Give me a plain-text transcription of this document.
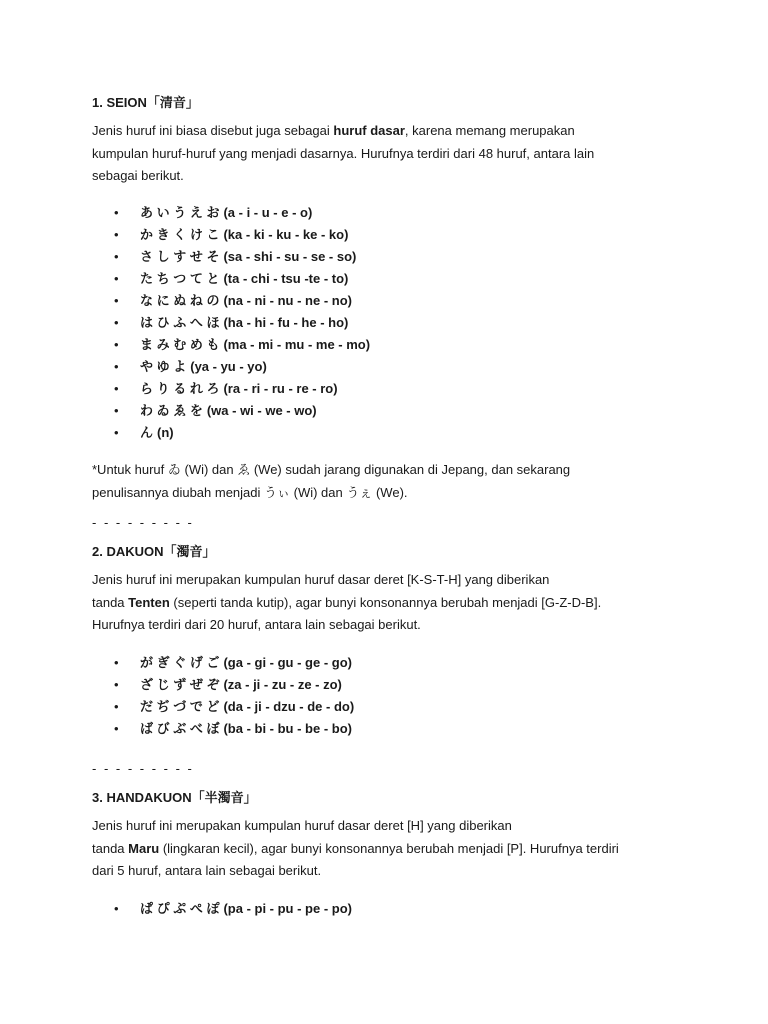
1. SEION「清音」
Jenis huruf ini biasa disebut juga sebagai huruf dasar, karena memang merupakan
kumpulan huruf-huruf yang menjadi dasarnya. Hurufnya terdiri dari 48 huruf, antara lain
sebagai berikut.
• あ い う え お (a - i - u - e - o)
• か き く け こ (ka - ki - ku - ke - ko)
• さ し す せ そ (sa - shi - su - se - so)
• た ち つ て と (ta - chi - tsu -te - to)
• な に ぬ ね の (na - ni - nu - ne - no)
• は ひ ふ へ ほ (ha - hi - fu - he - ho)
• ま み む め も (ma - mi - mu - me - mo)
• や ゆ よ (ya - yu - yo)
• ら り る れ ろ (ra - ri - ru - re - ro)
• わ ゐ ゑ を (wa - wi - we - wo)
• ん (n)
*Untuk huruf ゐ (Wi) dan ゑ (We) sudah jarang digunakan di Jepang, dan sekarang
penulisannya diubah menjadi うぃ (Wi) dan うぇ (We).
- - - - - - - - -
2. DAKUON「濁音」
Jenis huruf ini merupakan kumpulan huruf dasar deret [K-S-T-H] yang diberikan
tanda Tenten (seperti tanda kutip), agar bunyi konsonannya berubah menjadi [G-Z-D-B].
Hurufnya terdiri dari 20 huruf, antara lain sebagai berikut.
• が ぎ ぐ げ ご (ga - gi - gu - ge - go)
• ざ じ ず ぜ ぞ (za - ji - zu - ze - zo)
• だ ぢ づ で ど (da - ji - dzu - de - do)
• ば び ぶ べ ぼ (ba - bi - bu - be - bo)
- - - - - - - - -
3. HANDAKUON「半濁音」
Jenis huruf ini merupakan kumpulan huruf dasar deret [H] yang diberikan
tanda Maru (lingkaran kecil), agar bunyi konsonannya berubah menjadi [P]. Hurufnya terdiri
dari 5 huruf, antara lain sebagai berikut.
• ぱ ぴ ぷ ぺ ぽ (pa - pi - pu - pe - po)
